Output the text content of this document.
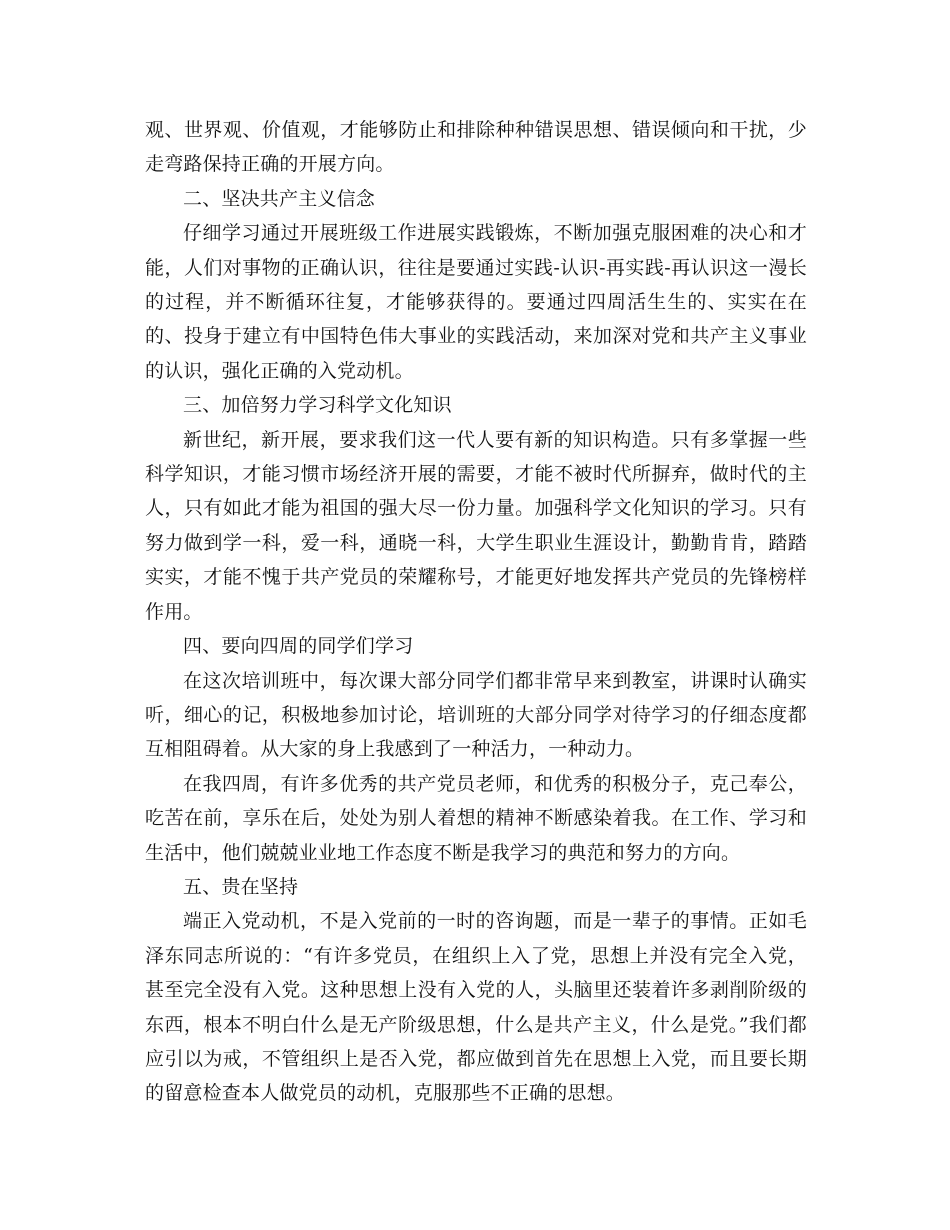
观、世界观、价值观，才能够防止和排除种种错误思想、错误倾向和干扰，少走弯路保持正确的开展方向。

二、坚决共产主义信念

仔细学习通过开展班级工作进展实践锻炼，不断加强克服困难的决心和才能，人们对事物的正确认识，往往是要通过实践-认识-再实践-再认识这一漫长的过程，并不断循环往复，才能够获得的。要通过四周活生生的、实实在在的、投身于建立有中国特色伟大事业的实践活动，来加深对党和共产主义事业的认识，强化正确的入党动机。

三、加倍努力学习科学文化知识

新世纪，新开展，要求我们这一代人要有新的知识构造。只有多掌握一些科学知识，才能习惯市场经济开展的需要，才能不被时代所摒弃，做时代的主人，只有如此才能为祖国的强大尽一份力量。加强科学文化知识的学习。只有努力做到学一科，爱一科，通晓一科，大学生职业生涯设计，勤勤肯肯，踏踏实实，才能不愧于共产党员的荣耀称号，才能更好地发挥共产党员的先锋榜样作用。

四、要向四周的同学们学习

在这次培训班中，每次课大部分同学们都非常早来到教室，讲课时认确实听，细心的记，积极地参加讨论，培训班的大部分同学对待学习的仔细态度都互相阻碍着。从大家的身上我感到了一种活力，一种动力。

在我四周，有许多优秀的共产党员老师，和优秀的积极分子，克己奉公，吃苦在前，享乐在后，处处为别人着想的精神不断感染着我。在工作、学习和生活中，他们兢兢业业地工作态度不断是我学习的典范和努力的方向。

五、贵在坚持

端正入党动机，不是入党前的一时的咨询题，而是一辈子的事情。正如毛泽东同志所说的：“有许多党员，在组织上入了党，思想上并没有完全入党，甚至完全没有入党。这种思想上没有入党的人，头脑里还装着许多剥削阶级的东西，根本不明白什么是无产阶级思想，什么是共产主义，什么是党。”我们都应引以为戒，不管组织上是否入党，都应做到首先在思想上入党，而且要长期的留意检查本人做党员的动机，克服那些不正确的思想。
